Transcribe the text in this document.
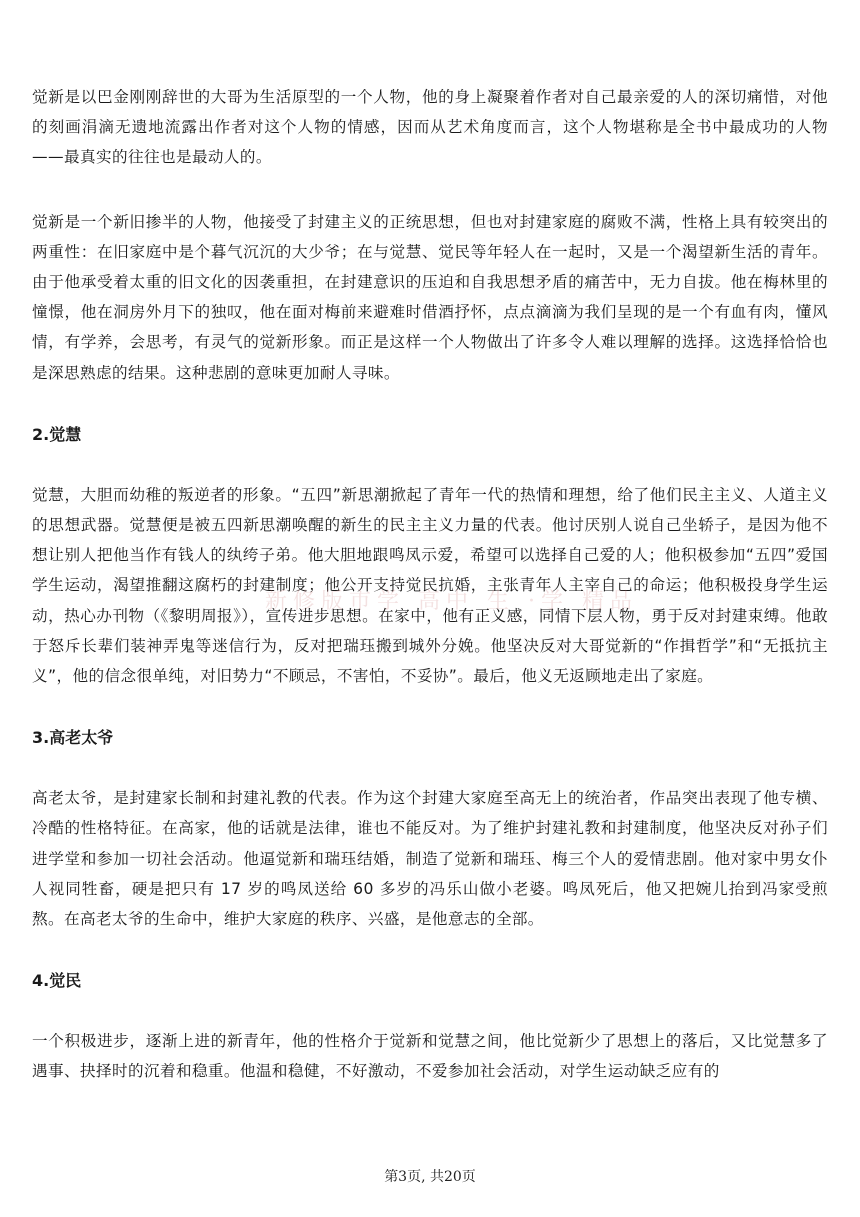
觉新是以巴金刚刚辞世的大哥为生活原型的一个人物，他的身上凝聚着作者对自己最亲爱的人的深切痛惜，对他的刻画涓滴无遗地流露出作者对这个人物的情感，因而从艺术角度而言，这个人物堪称是全书中最成功的人物——最真实的往往也是最动人的。

觉新是一个新旧掺半的人物，他接受了封建主义的正统思想，但也对封建家庭的腐败不满，性格上具有较突出的两重性：在旧家庭中是个暮气沉沉的大少爷；在与觉慧、觉民等年轻人在一起时，又是一个渴望新生活的青年。由于他承受着太重的旧文化的因袭重担，在封建意识的压迫和自我思想矛盾的痛苦中，无力自拔。他在梅林里的憧憬，他在洞房外月下的独叹，他在面对梅前来避难时借酒抒怀，点点滴滴为我们呈现的是一个有血有肉，懂风情，有学养，会思考，有灵气的觉新形象。而正是这样一个人物做出了许多令人难以理解的选择。这选择恰恰也是深思熟虑的结果。这种悲剧的意味更加耐人寻味。

2.觉慧

觉慧，大胆而幼稚的叛逆者的形象。“五四”新思潮掀起了青年一代的热情和理想，给了他们民主主义、人道主义的思想武器。觉慧便是被五四新思潮唤醒的新生的民主主义力量的代表。他讨厌别人说自己坐轿子，是因为他不想让别人把他当作有钱人的纨绔子弟。他大胆地跟鸣凤示爱，希望可以选择自己爱的人；他积极参加“五四”爱国学生运动，渴望推翻这腐朽的封建制度；他公开支持觉民抗婚，主张青年人主宰自己的命运；他积极投身学生运动，热心办刊物（《黎明周报》），宣传进步思想。在家中，他有正义感，同情下层人物，勇于反对封建束缚。他敢于怒斥长辈们装神弄鬼等迷信行为，反对把瑞珏搬到城外分娩。他坚决反对大哥觉新的“作揖哲学”和“无抵抗主义”，他的信念很单纯，对旧势力“不顾忌，不害怕，不妥协”。最后，他义无返顾地走出了家庭。

3.高老太爷

高老太爷，是封建家长制和封建礼教的代表。作为这个封建大家庭至高无上的统治者，作品突出表现了他专横、冷酷的性格特征。在高家，他的话就是法律，谁也不能反对。为了维护封建礼教和封建制度，他坚决反对孙子们进学堂和参加一切社会活动。他逼觉新和瑞珏结婚，制造了觉新和瑞珏、梅三个人的爱情悲剧。他对家中男女仆人视同牲畜，硬是把只有 17 岁的鸣凤送给 60 多岁的冯乐山做小老婆。鸣凤死后，他又把婉儿抬到冯家受煎熬。在高老太爷的生命中，维护大家庭的秩序、兴盛，是他意志的全部。

4.觉民

一个积极进步，逐渐上进的新青年，他的性格介于觉新和觉慧之间，他比觉新少了思想上的落后，又比觉慧多了遇事、抉择时的沉着和稳重。他温和稳健，不好激动，不爱参加社会活动，对学生运动缺乏应有的

新修版市学 高中 生 ·学 精品
第3页, 共20页
